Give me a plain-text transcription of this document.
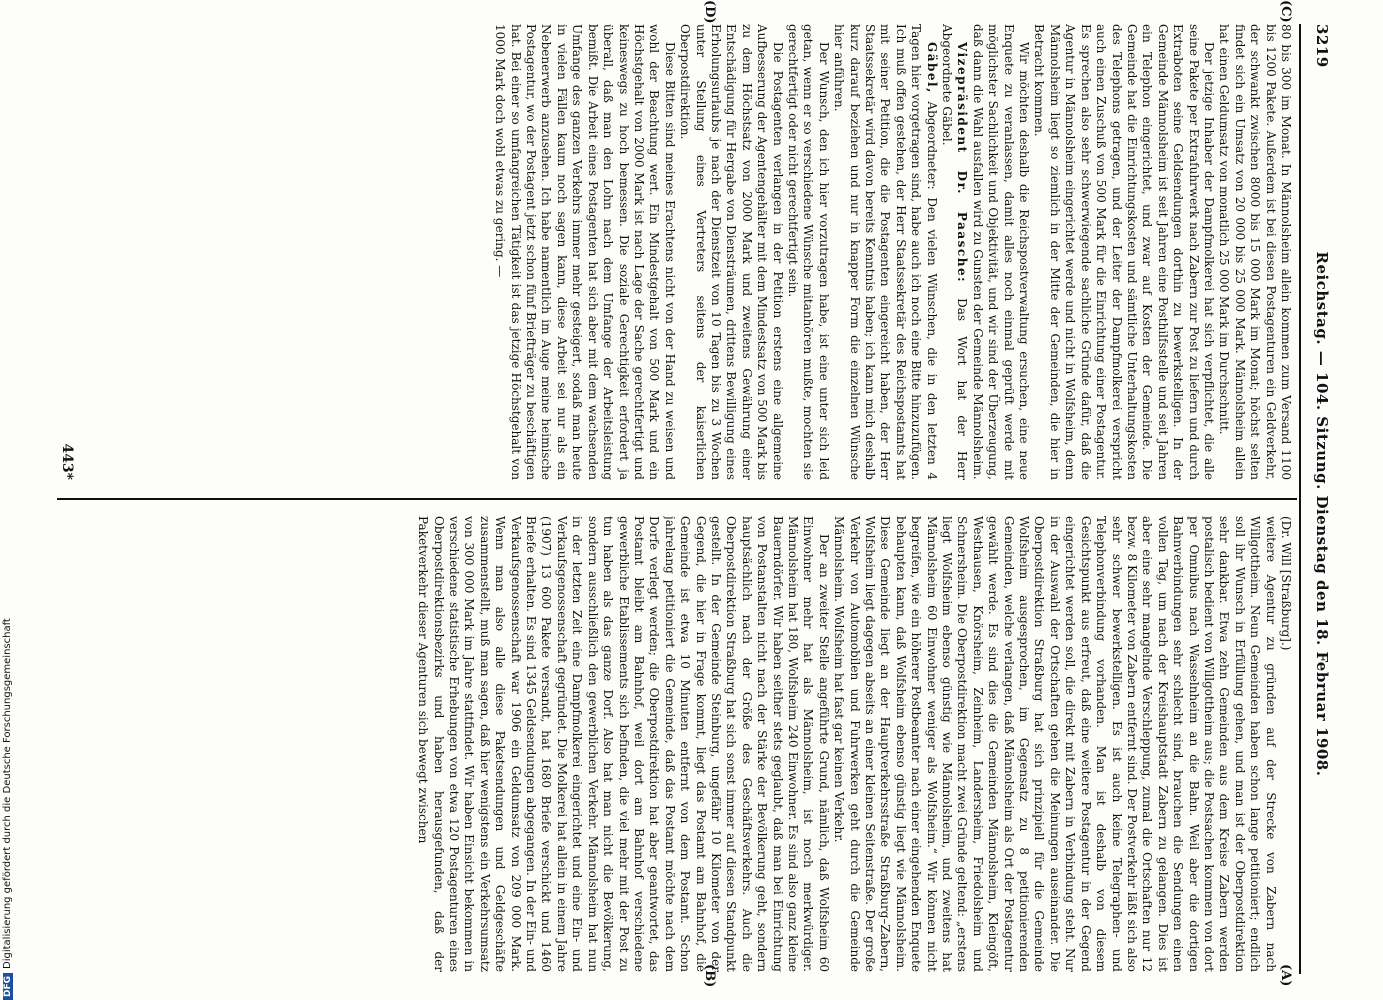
3219
Reichstag. — 104. Sitzung. Dienstag den 18. Februar 1908.
(C)
(D)
(A)
(B)

80 bis 300 im Monat. In Männolsheim allein kommen zum Versand 1100 bis 1200 Pakete. Außerdem ist bei diesen Postagenturen ein Geldverkehr, der schwankt zwischen 8000 bis 15 000 Mark im Monat; höchst selten findet sich ein Umsatz von 20 000 bis 25 000 Mark. Männolsheim allein hat einen Geldumsatz von monatlich 25 000 Mark im Durchschnitt.

Der jetzige Inhaber der Dampfmolkerei hat sich verpflichtet, die alle seine Pakete per Extrafuhrwerk nach Zabern zur Post zu liefern und durch Extraboten seine Geldsendungen dorthin zu bewerkstelligen. In der Gemeinde Männolsheim ist seit Jahren eine Posthilfsstelle und seit Jahren ein Telephon eingerichtet, und zwar auf Kosten der Gemeinde. Die Gemeinde hat die Einrichtungskosten und sämtliche Unterhaltungskosten des Telephons getragen, und der Leiter der Dampfmolkerei verspricht auch einen Zuschuß von 500 Mark für die Einrichtung einer Postagentur. Es sprechen also sehr schwerwiegende sachliche Gründe dafür, daß die Agentur in Männolsheim eingerichtet werde und nicht in Wolfsheim, denn Männolsheim liegt so ziemlich in der Mitte der Gemeinden, die hier in Betracht kommen.

Wir möchten deshalb die Reichspostverwaltung ersuchen, eine neue Enquete zu veranlassen, damit alles noch einmal geprüft werde mit möglichster Sachlichkeit und Objektivität, und wir sind der Überzeugung, daß dann die Wahl ausfallen wird zu Gunsten der Gemeinde Männolsheim.

Vizepräsident Dr. Paasche: Das Wort hat der Herr Abgeordnete Gäbel.

Gäbel, Abgeordneter: Den vielen Wünschen, die in den letzten 4 Tagen hier vorgetragen sind, habe auch ich noch eine Bitte hinzuzufügen. Ich muß offen gestehen, der Herr Staatssekretär des Reichspostamts hat mit seiner Petition, die die Postagenten eingereicht haben, der Herr Staatssekretär wird davon bereits Kenntnis haben; ich kann mich deshalb kurz darauf beziehen und nur in knapper Form die einzelnen Wünsche hier anführen.

Der Wunsch, den ich hier vorzutragen habe, ist eine unter sich leid getan, wenn er so verschiedene Wünsche mitanhören mußte, mochten sie gerechtfertigt oder nicht gerechtfertigt sein.

Die Postagenten verlangen in der Petition erstens eine allgemeine Aufbesserung der Agentengehälter mit dem Mindestsatz von 500 Mark bis zu dem Höchstsatz von 2000 Mark und zweitens Gewährung einer Entschädigung für Hergabe von Diensträumen, drittens Bewilligung eines Erholungsurlaubs je nach der Dienstzeit von 10 Tagen bis zu 3 Wochen unter Stellung eines Vertreters seitens der kaiserlichen Oberpostdirektion.

Diese Bitten sind meines Erachtens nicht von der Hand zu weisen und wohl der Beachtung wert. Ein Mindestgehalt von 500 Mark und ein Höchstgehalt von 2000 Mark ist nach Lage der Sache gerechtfertigt und keineswegs zu hoch bemessen. Die soziale Gerechtigkeit erfordert ja überall, daß man den Lohn nach dem Umfange der Arbeitsleistung bemißt. Die Arbeit eines Postagenten hat sich aber mit dem wachsenden Umfange des ganzen Verkehrs immer mehr gesteigert, sodaß man heute in vielen Fällen kaum noch sagen kann, diese Arbeit sei nur als ein Nebenerwerb anzusehen. Ich habe namentlich im Auge meine heimische Postagentur, wo der Postagent jetzt schon fünf Briefträger zu beschäftigen hat. Bei einer so umfangreichen Tätigkeit ist das jetzige Höchstgehalt von 1000 Mark doch wohl etwas zu gering. —

(Dr. Will [Straßburg].)

weitere Agentur zu gründen auf der Strecke von Zabern nach Willgottheim. Neun Gemeinden haben schon lange petitioniert; endlich soll ihr Wunsch in Erfüllung gehen, und man ist der Oberpostdirektion sehr dankbar. Etwa zehn Gemeinden aus dem Kreise Zabern werden postalisch bedient von Willgottheim aus; die Postsachen kommen von dort per Omnibus nach Wasselnheim an die Bahn. Weil aber die dortigen Bahnverbindungen sehr schlecht sind, brauchen die Sendungen einen vollen Tag, um nach der Kreishauptstadt Zabern zu gelangen. Dies ist aber eine sehr mangelnde Verschleppung, zumal die Ortschaften nur 12 bezw. 8 Kilometer von Zabern entfernt sind. Der Postverkehr läßt sich also sehr schwer bewerkstelligen. Es ist auch keine Telegraphen- und Telephonverbindung vorhanden. Man ist deshalb von diesem Gesichtspunkt aus erfreut, daß eine weitere Postagentur in der Gegend eingerichtet werden soll, die direkt mit Zabern in Verbindung steht. Nur in der Auswahl der Ortschaften gehen die Meinungen auseinander. Die Oberpostdirektion Straßburg hat sich prinzipiell für die Gemeinde Wolfsheim ausgesprochen, im Gegensatz zu 8 petitionierenden Gemeinden, welche verlangen, daß Männolsheim als Ort der Postagentur gewählt werde. Es sind dies die Gemeinden Männolsheim, Kleingöft, Westhausen, Knörsheim, Zeinheim, Landersheim, Friedolsheim und Schnersheim. Die Oberpostdirektion macht zwei Gründe geltend: „erstens liegt Wolfsheim ebenso günstig wie Männolsheim, und zweitens hat Männolsheim 60 Einwohner weniger als Wolfsheim.“ Wir können nicht begreifen, wie ein höherer Postbeamter nach einer eingehenden Enquete behaupten kann, daß Wolfsheim ebenso günstig liegt wie Männolsheim. Diese Gemeinde liegt an der Hauptverkehrsstraße Straßburg–Zabern, Wolfsheim liegt dagegen abseits an einer kleinen Seitenstraße. Der große Verkehr von Automobilen und Fuhrwerken geht durch die Gemeinde Männolsheim. Wolfsheim hat fast gar keinen Verkehr.

Der an zweiter Stelle angeführte Grund, nämlich, daß Wolfsheim 60 Einwohner mehr hat als Männolsheim, ist noch merkwürdiger. Männolsheim hat 180, Wolfsheim 240 Einwohner. Es sind also ganz kleine Bauerndörfer. Wir haben seither stets geglaubt, daß man bei Einrichtung von Postanstalten nicht nach der Stärke der Bevölkerung geht, sondern hauptsächlich nach der Größe des Geschäftsverkehrs. Auch die Oberpostdirektion Straßburg hat sich sonst immer auf diesen Standpunkt gestellt. In der Gemeinde Steinburg, ungefähr 10 Kilometer von der Gegend, die hier in Frage kommt, liegt das Postamt am Bahnhof, die Gemeinde ist etwa 10 Minuten entfernt von dem Postamt. Schon jahrelang petitioniert die Gemeinde, daß das Postamt möchte nach dem Dorfe verlegt werden; die Oberpostdirektion hat aber geantwortet, das Postamt bleibt am Bahnhof, weil dort am Bahnhof verschiedene gewerbliche Etablissements sich befinden, die viel mehr mit der Post zu tun haben als das ganze Dorf. Also hat man nicht die Bevölkerung, sondern ausschließlich den gewerblichen Verkehr. Männolsheim hat nun in der letzten Zeit eine Dampfmolkerei eingerichtet und eine Ein- und Verkaufsgenossenschaft gegründet. Die Molkerei hat allein in einem Jahre (1907) 13 600 Pakete versandt, hat 1680 Briefe verschickt und 1460 Briefe erhalten. Es sind 1345 Geldsendungen abgegangen. In der Ein- und Verkaufsgenossenschaft war 1906 ein Geldumsatz von 209 000 Mark. Wenn man also alle diese Paketsendungen und Geldgeschäfte zusammenstellt, muß man sagen, daß hier wenigstens ein Verkehrsumsatz von 300 000 Mark im Jahre stattfindet. Wir haben Einsicht bekommen in verschiedene statistische Erhebungen von etwa 120 Postagenturen eines Oberpostdirektionsbezirks und haben herausgefunden, daß der Paketverkehr dieser Agenturen sich bewegt zwischen

443*
DFGDigitalisierung gefördert durch die Deutsche Forschungsgemeinschaft
